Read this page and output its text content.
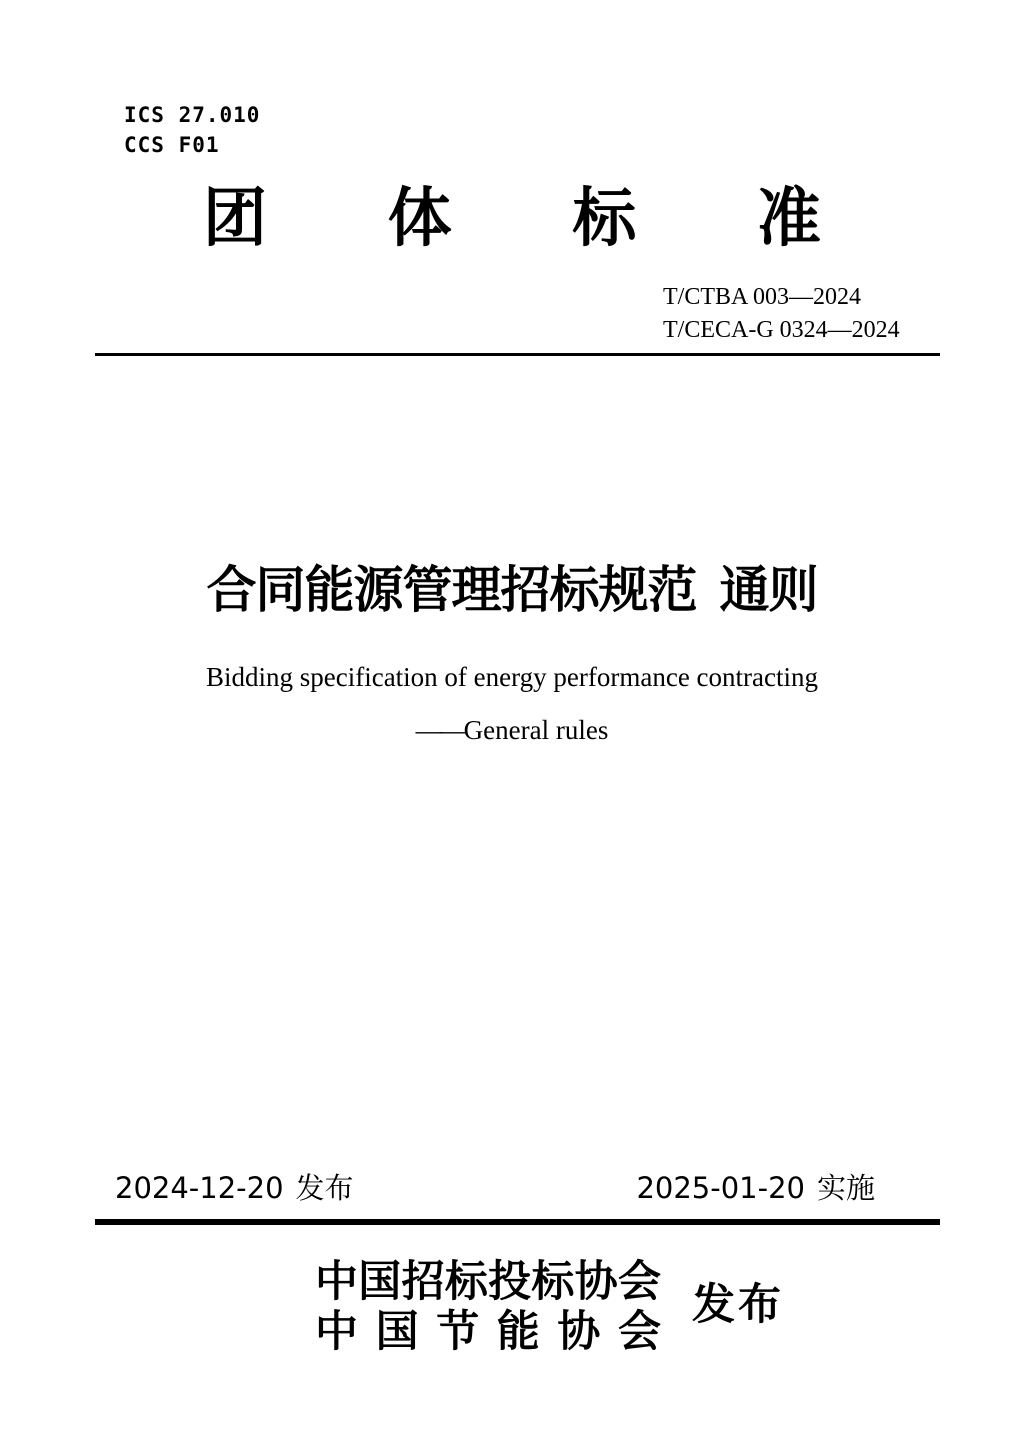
ICS 27.010
CCS F01
团 体 标 准
T/CTBA 003—2024
T/CECA-G 0324—2024
合同能源管理招标规范 通则
Bidding specification of energy performance contracting
——General rules
2024-12-20 发布	2025-01-20 实施
中 国 招 标 投 标 协 会
中 国 节 能 协 会
发布
